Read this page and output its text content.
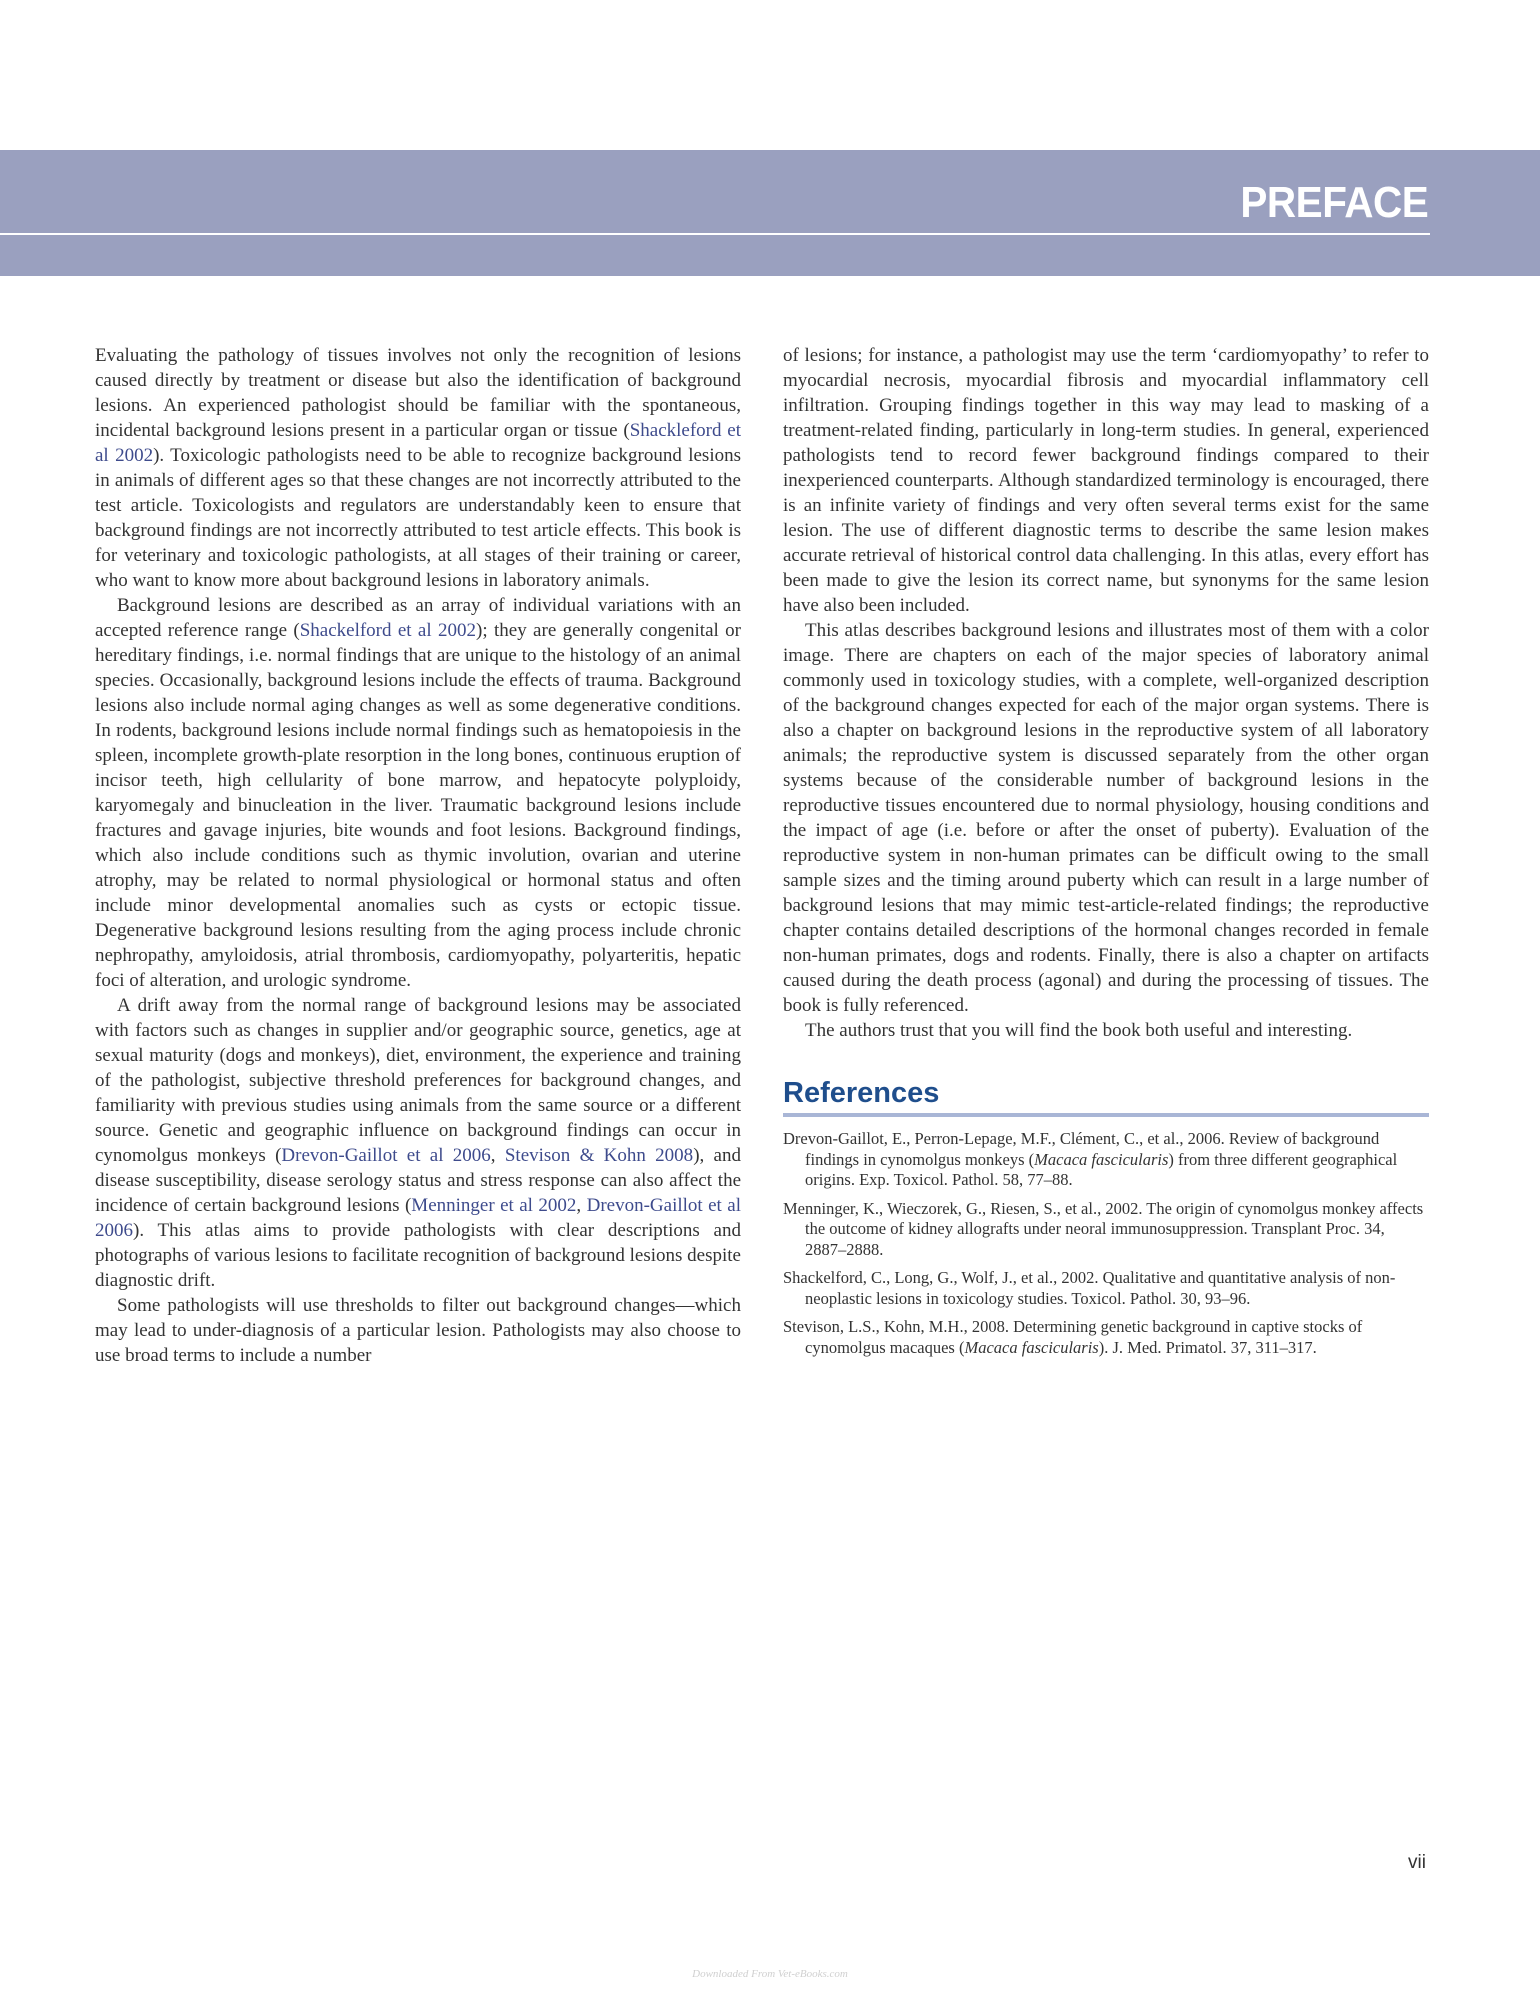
PREFACE

Evaluating the pathology of tissues involves not only the recognition of lesions caused directly by treatment or disease but also the identification of background lesions. An experienced pathologist should be familiar with the spontaneous, incidental background lesions present in a particular organ or tissue (Shackleford et al 2002). Toxicologic pathologists need to be able to recognize background lesions in animals of different ages so that these changes are not incorrectly attributed to the test article. Toxicologists and regulators are understandably keen to ensure that background findings are not incorrectly attributed to test article effects. This book is for veterinary and toxicologic pathologists, at all stages of their training or career, who want to know more about background lesions in laboratory animals.

Background lesions are described as an array of individual variations with an accepted reference range (Shackelford et al 2002); they are generally congenital or hereditary findings, i.e. normal findings that are unique to the histology of an animal species. Occasionally, background lesions include the effects of trauma. Background lesions also include normal aging changes as well as some degenerative conditions. In rodents, background lesions include normal findings such as hematopoiesis in the spleen, incomplete growth-plate resorption in the long bones, continuous eruption of incisor teeth, high cellularity of bone marrow, and hepatocyte polyploidy, karyomegaly and binucleation in the liver. Traumatic background lesions include fractures and gavage injuries, bite wounds and foot lesions. Background findings, which also include conditions such as thymic involution, ovarian and uterine atrophy, may be related to normal physiological or hormonal status and often include minor developmental anomalies such as cysts or ectopic tissue. Degenerative background lesions resulting from the aging process include chronic nephropathy, amyloidosis, atrial thrombosis, cardiomyopathy, polyarteritis, hepatic foci of alteration, and urologic syndrome.

A drift away from the normal range of background lesions may be associated with factors such as changes in supplier and/or geographic source, genetics, age at sexual maturity (dogs and monkeys), diet, environment, the experience and training of the pathologist, subjective threshold preferences for background changes, and familiarity with previous studies using animals from the same source or a different source. Genetic and geographic influence on background findings can occur in cynomolgus monkeys (Drevon-Gaillot et al 2006, Stevison & Kohn 2008), and disease susceptibility, disease serology status and stress response can also affect the incidence of certain background lesions (Menninger et al 2002, Drevon-Gaillot et al 2006). This atlas aims to provide pathologists with clear descriptions and photographs of various lesions to facilitate recognition of background lesions despite diagnostic drift.

Some pathologists will use thresholds to filter out background changes—which may lead to under-diagnosis of a particular lesion. Pathologists may also choose to use broad terms to include a number

of lesions; for instance, a pathologist may use the term ‘cardiomyopathy’ to refer to myocardial necrosis, myocardial fibrosis and myocardial inflammatory cell infiltration. Grouping findings together in this way may lead to masking of a treatment-related finding, particularly in long-term studies. In general, experienced pathologists tend to record fewer background findings compared to their inexperienced counterparts. Although standardized terminology is encouraged, there is an infinite variety of findings and very often several terms exist for the same lesion. The use of different diagnostic terms to describe the same lesion makes accurate retrieval of historical control data challenging. In this atlas, every effort has been made to give the lesion its correct name, but synonyms for the same lesion have also been included.

This atlas describes background lesions and illustrates most of them with a color image. There are chapters on each of the major species of laboratory animal commonly used in toxicology studies, with a complete, well-organized description of the background changes expected for each of the major organ systems. There is also a chapter on background lesions in the reproductive system of all laboratory animals; the reproductive system is discussed separately from the other organ systems because of the considerable number of background lesions in the reproductive tissues encountered due to normal physiology, housing conditions and the impact of age (i.e. before or after the onset of puberty). Evaluation of the reproductive system in non-human primates can be difficult owing to the small sample sizes and the timing around puberty which can result in a large number of background lesions that may mimic test-article-related findings; the reproductive chapter contains detailed descriptions of the hormonal changes recorded in female non-human primates, dogs and rodents. Finally, there is also a chapter on artifacts caused during the death process (agonal) and during the processing of tissues. The book is fully referenced.

The authors trust that you will find the book both useful and interesting.

References
Drevon-Gaillot, E., Perron-Lepage, M.F., Clément, C., et al., 2006. Review of background findings in cynomolgus monkeys (Macaca fascicularis) from three different geographical origins. Exp. Toxicol. Pathol. 58, 77–88.
Menninger, K., Wieczorek, G., Riesen, S., et al., 2002. The origin of cynomolgus monkey affects the outcome of kidney allografts under neoral immunosuppression. Transplant Proc. 34, 2887–2888.
Shackelford, C., Long, G., Wolf, J., et al., 2002. Qualitative and quantitative analysis of non-neoplastic lesions in toxicology studies. Toxicol. Pathol. 30, 93–96.
Stevison, L.S., Kohn, M.H., 2008. Determining genetic background in captive stocks of cynomolgus macaques (Macaca fascicularis). J. Med. Primatol. 37, 311–317.
vii
Downloaded From Vet-eBooks.com
